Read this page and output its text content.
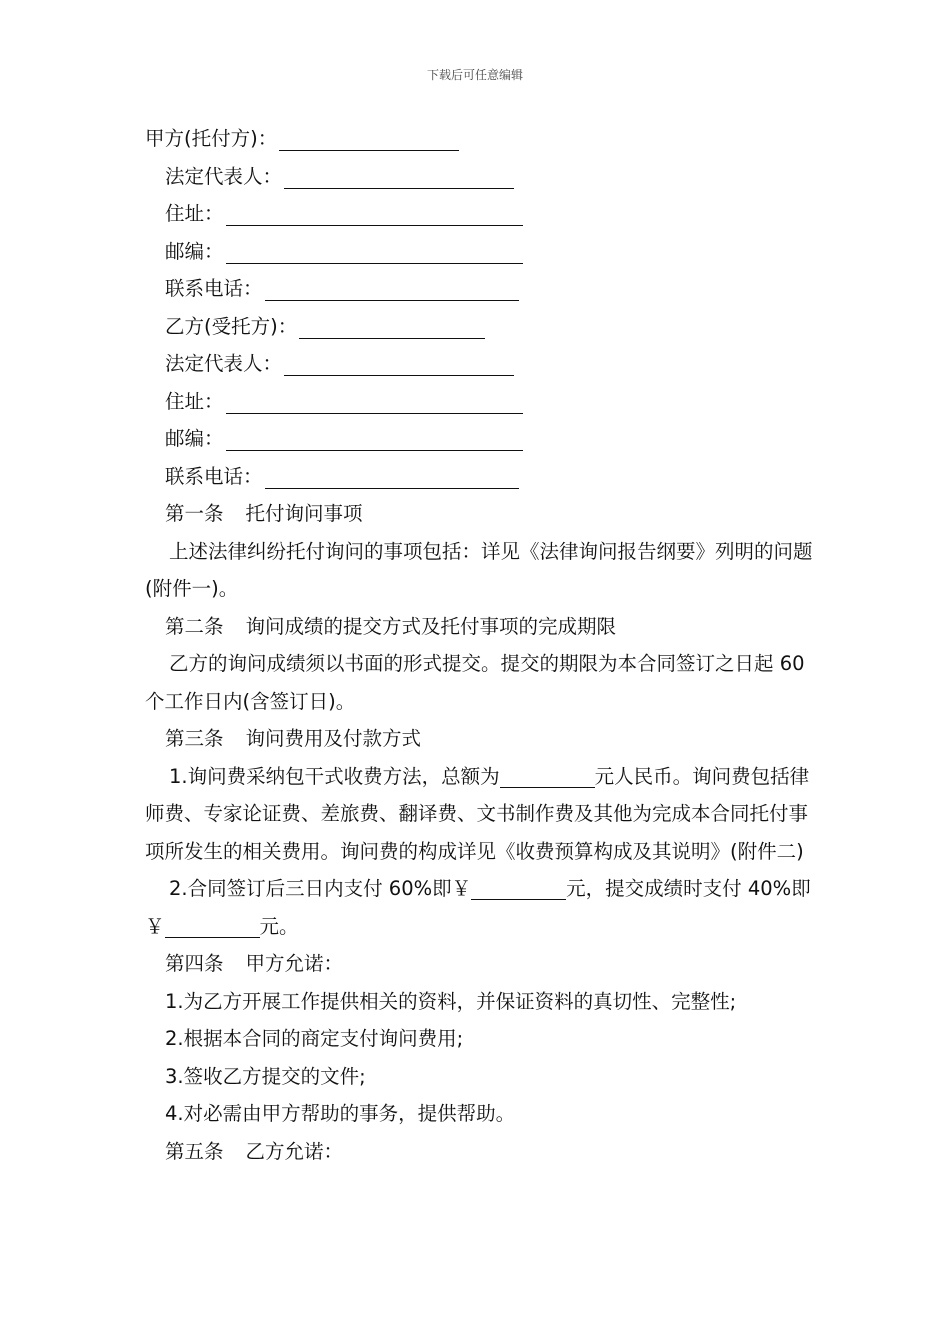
下载后可任意编辑
甲方(托付方)：
法定代表人：
住址：
邮编：
联系电话：
乙方(受托方)：
法定代表人：
住址：
邮编：
联系电话：
第一条 托付询问事项
上述法律纠纷托付询问的事项包括：详见《法律询问报告纲要》列明的问题(附件一)。
第二条 询问成绩的提交方式及托付事项的完成期限
乙方的询问成绩须以书面的形式提交。提交的期限为本合同签订之日起 60 个工作日内(含签订日)。
第三条 询问费用及付款方式
1.询问费采纳包干式收费方法，总额为	元人民币。询问费包括律师费、专家论证费、差旅费、翻译费、文书制作费及其他为完成本合同托付事项所发生的相关费用。询问费的构成详见《收费预算构成及其说明》(附件二)
2.合同签订后三日内支付 60%即￥	元，提交成绩时支付 40%即￥	元。
第四条 甲方允诺：
1.为乙方开展工作提供相关的资料，并保证资料的真切性、完整性;
2.根据本合同的商定支付询问费用;
3.签收乙方提交的文件;
4.对必需由甲方帮助的事务，提供帮助。
第五条 乙方允诺：
